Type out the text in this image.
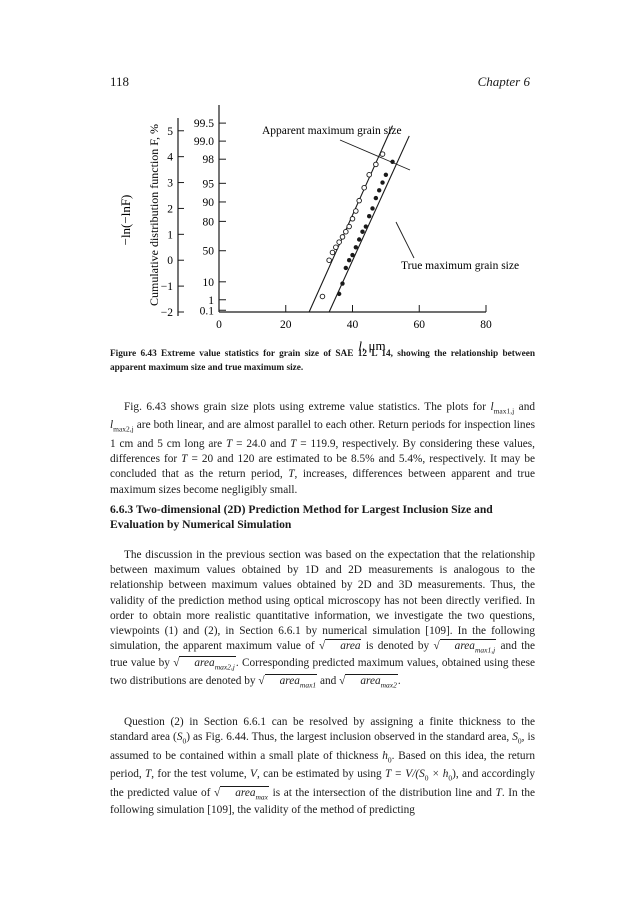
118	Chapter 6
−ln(−lnF) Cumulative distribution function F, % 5
4
3
2
1
0
−1
−2
99.5
99.0
98
95
90
80
50
10
1
0.1
0	20	40	60	80
l, μm
Apparent maximum grain size
True maximum grain size
Figure 6.43 Extreme value statistics for grain size of SAE 12 L 14, showing the relationship between apparent maximum size and true maximum size.

Fig. 6.43 shows grain size plots using extreme value statistics. The plots for $l_{max1,j}$ and $l_{max2,j}$ are both linear, and are almost parallel to each other. Return periods for inspection lines 1 cm and 5 cm long are T = 24.0 and T = 119.9, respectively. By considering these values, differences for T = 20 and 120 are estimated to be 8.5% and 5.4%, respectively. It may be concluded that as the return period, T, increases, differences between apparent and true maximum sizes become negligibly small.

6.6.3 Two-dimensional (2D) Prediction Method for Largest Inclusion Size and Evaluation by Numerical Simulation

The discussion in the previous section was based on the expectation that the relationship between maximum values obtained by 1D and 2D measurements is analogous to the relationship between maximum values obtained by 2D and 3D measurements. Thus, the validity of the prediction method using optical microscopy has not been directly verified. In order to obtain more realistic quantitative information, we investigate the two questions, viewpoints (1) and (2), in Section 6.6.1 by numerical simulation [109]. In the following simulation, the apparent maximum value of √ area is denoted by √ area$_{max1,j}$ and the true value by √ area$_{max2,j}$. Corresponding predicted maximum values, obtained using these two distributions are denoted by √ area$_{max1}$ and √ area$_{max2}$.

Question (2) in Section 6.6.1 can be resolved by assigning a finite thickness to the standard area $(S_0)$ as Fig. 6.44. Thus, the largest inclusion observed in the standard area, $S_0$, is assumed to be contained within a small plate of thickness $h_0$. Based on this idea, the return period, T, for the test volume, V, can be estimated by using $T = V/(S_0 \times h_0)$, and accordingly the predicted value of √ area$_{max}$ is at the intersection of the distribution line and T. In the following simulation [109], the validity of the method of predicting
